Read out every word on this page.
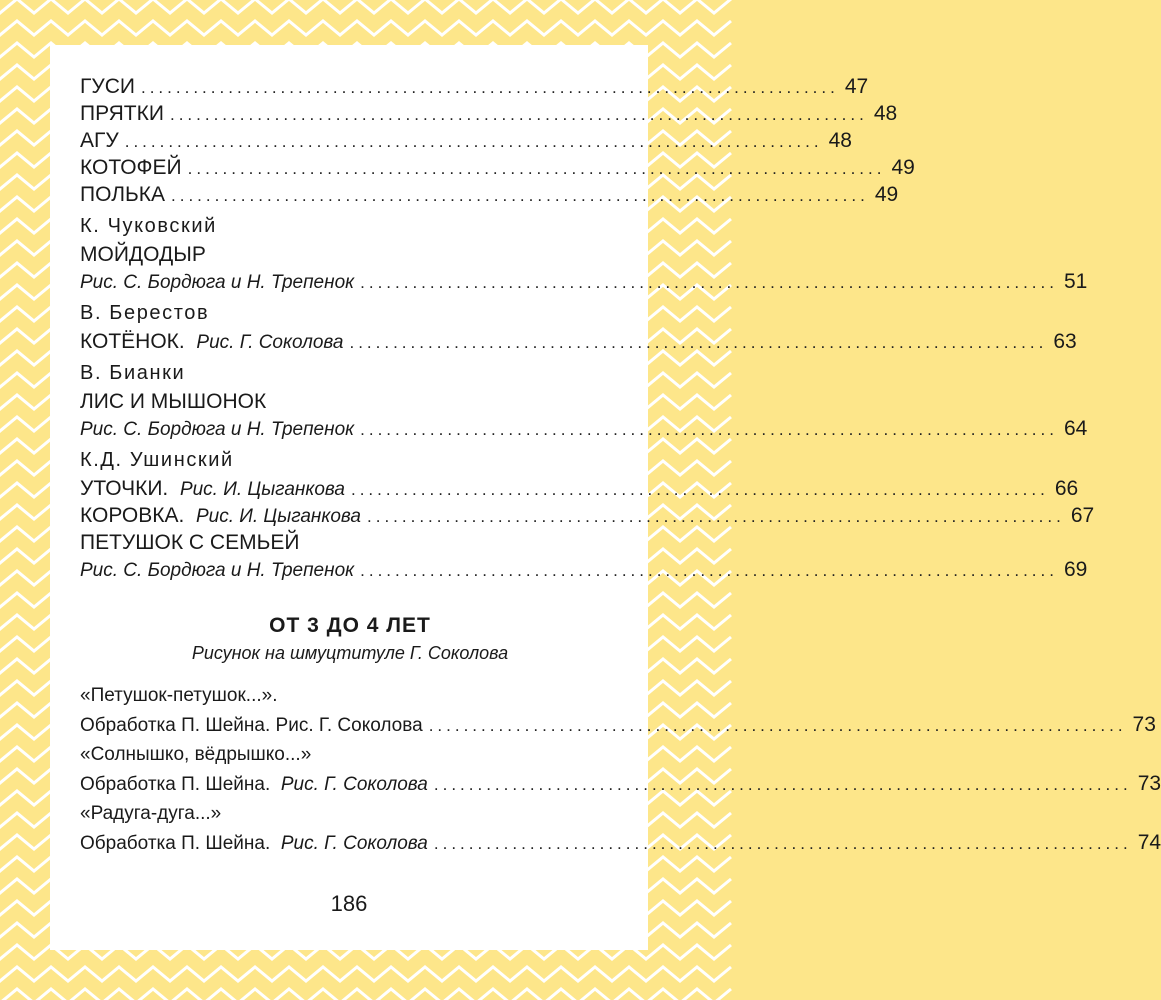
ГУСИ ................................................................................ 47
ПРЯТКИ ................................................................................ 48
АГУ ................................................................................ 48
КОТОФЕЙ ................................................................................ 49
ПОЛЬКА ................................................................................ 49
К. Чуковский
МОЙДОДЫР
Рис. С. Бордюга и Н. Трепенок ................................................................................ 51
В. Берестов
КОТЁНОК. Рис. Г. Соколова ................................................................................ 63
В. Бианки
ЛИС И МЫШОНОК
Рис. С. Бордюга и Н. Трепенок ................................................................................ 64
К.Д. Ушинский
УТОЧКИ. Рис. И. Цыганкова ................................................................................ 66
КОРОВКА. Рис. И. Цыганкова ................................................................................ 67
ПЕТУШОК С СЕМЬЕЙ
Рис. С. Бордюга и Н. Трепенок ................................................................................ 69
ОТ 3 ДО 4 ЛЕТ
Рисунок на шмуцтитуле Г. Соколова
«Петушок-петушок...».
Обработка П. Шейна. Рис. Г. Соколова ................................................................................ 73
«Солнышко, вёдрышко...»
Обработка П. Шейна. Рис. Г. Соколова ................................................................................ 73
«Радуга-дуга...»
Обработка П. Шейна. Рис. Г. Соколова ................................................................................ 74
186
